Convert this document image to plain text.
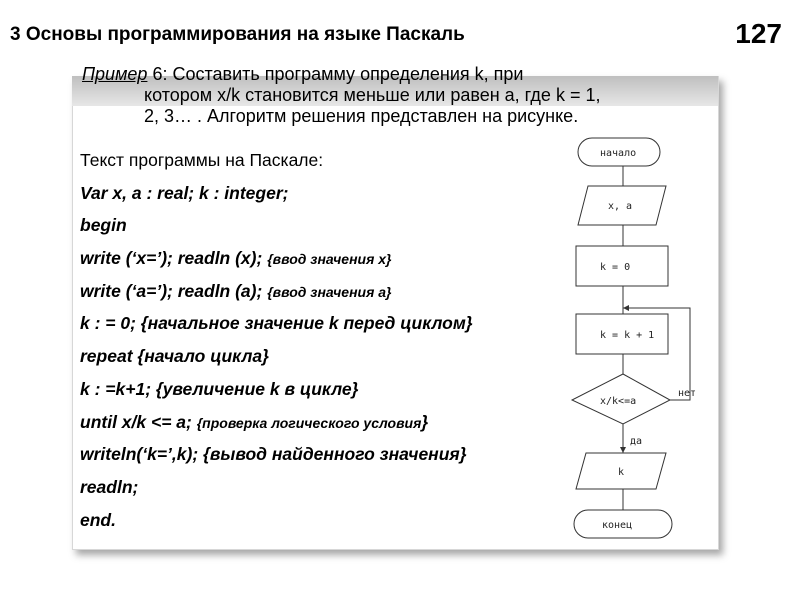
3 Основы программирования на языке Паскаль	127
Пример 6: Составить программу определения k, при
котором x/k становится меньше или равен a, где k = 1,
2, 3… . Алгоритм решения представлен на рисунке.
Текст программы на Паскале:
Var x, a : real; k : integer;
begin
write (‘x=’); readln (x); {ввод значения x}
write (‘a=’); readln (a); {ввод значения a}
k : = 0; {начальное значение k перед циклом}
repeat {начало цикла}
k : =k+1; {увеличение k в цикле}
until x/k <= a; {проверка логического условия}
writeln(‘k=’,k); {вывод найденного значения}
readln;
end.
начало
x, a
k = 0
k = k + 1
x/k<=a
нет
да
k
конец
